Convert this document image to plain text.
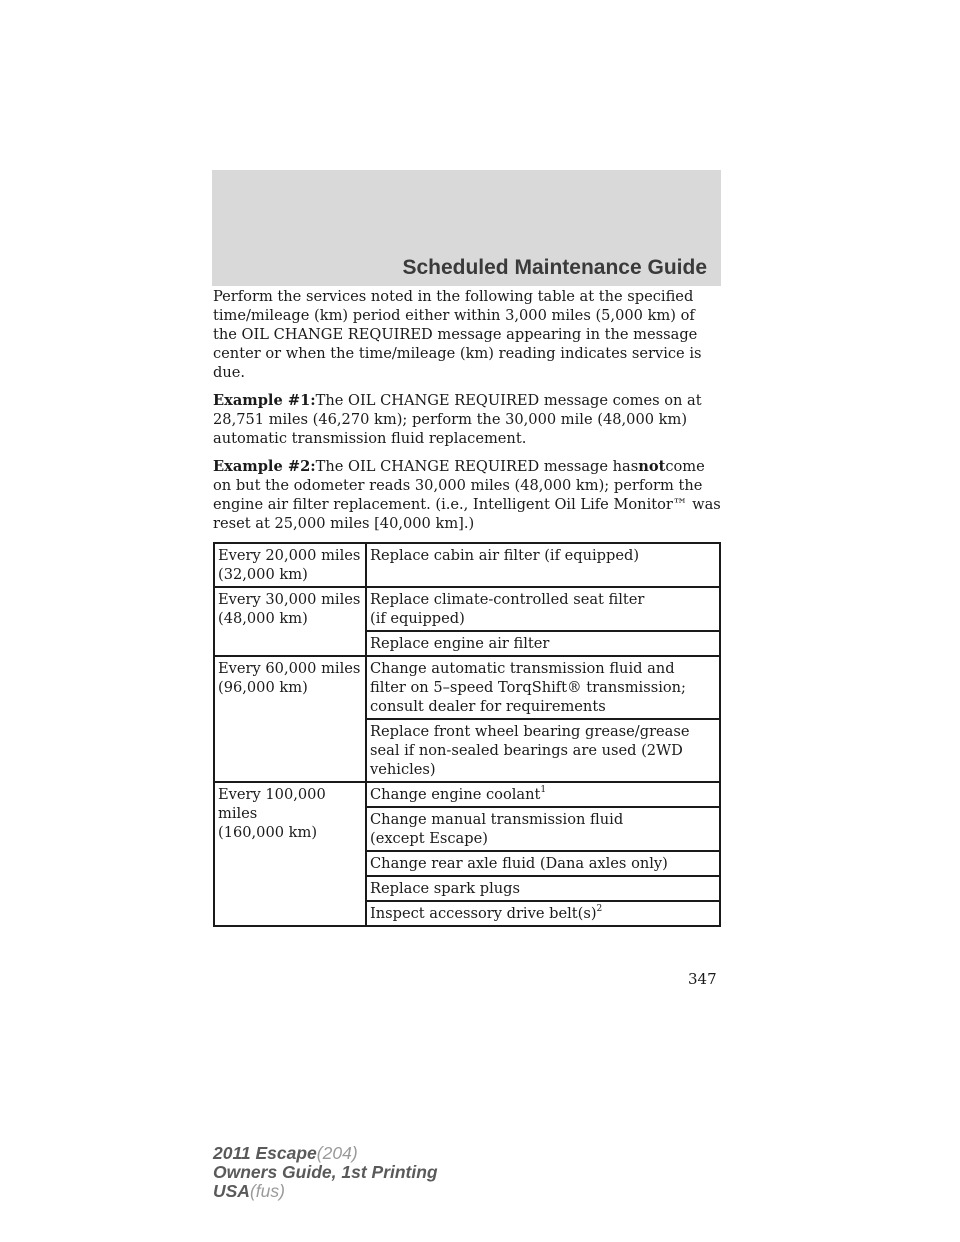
Scheduled Maintenance Guide

Perform the services noted in the following table at the specified time/mileage (km) period either within 3,000 miles (5,000 km) of the OIL CHANGE REQUIRED message appearing in the message center or when the time/mileage (km) reading indicates service is due.

Example #1:The OIL CHANGE REQUIRED message comes on at 28,751 miles (46,270 km); perform the 30,000 mile (48,000 km) automatic transmission fluid replacement.

Example #2:The OIL CHANGE REQUIRED message hasnotcome on but the odometer reads 30,000 miles (48,000 km); perform the engine air filter replacement. (i.e., Intelligent Oil Life Monitor™ was reset at 25,000 miles [40,000 km].)

Every 20,000 miles
(32,000 km)	Replace cabin air filter (if equipped)
Every 30,000 miles
(48,000 km)	Replace climate-controlled seat filter
(if equipped)
	Replace engine air filter
Every 60,000 miles
(96,000 km)	Change automatic transmission fluid and filter on 5–speed TorqShift® transmission; consult dealer for requirements
	Replace front wheel bearing grease/grease seal if non-sealed bearings are used (2WD vehicles)
Every 100,000 miles
(160,000 km)	Change engine coolant$^1$
	Change manual transmission fluid
(except Escape)
	Change rear axle fluid (Dana axles only)
	Replace spark plugs
	Inspect accessory drive $belt(s)^2$
347
2011 Escape(204)
Owners Guide, 1st Printing
USA(fus)
